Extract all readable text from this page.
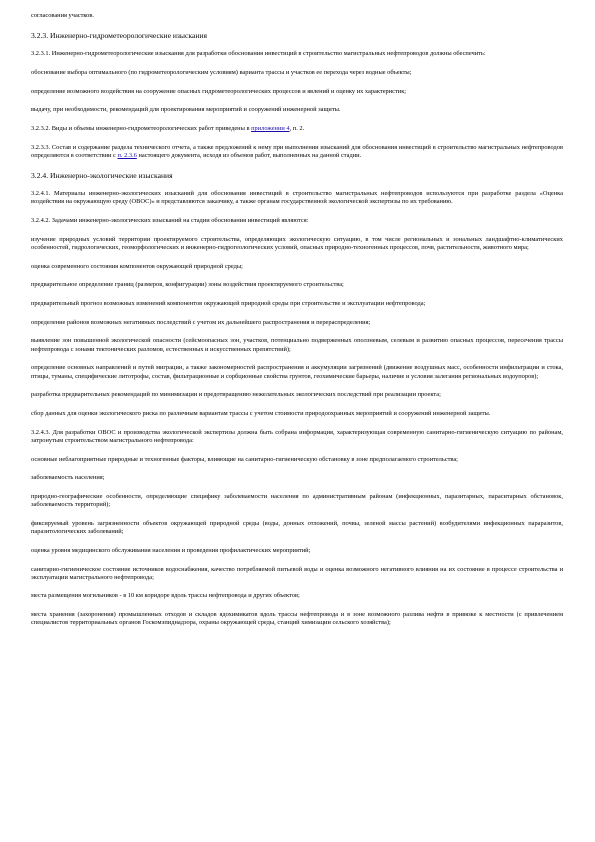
согласования участков.

3.2.3. Инженерно-гидрометеорологические изыскания

3.2.3.1. Инженерно-гидрометеорологические изыскания для разработки обоснования инвестиций в строительство магистральных нефтепроводов должны обеспечить:

обоснование выбора оптимального (по гидрометеорологическим условиям) варианта трассы и участков ее перехода через водные объекты;

определение возможного воздействия на сооружение опасных гидрометеорологических процессов и явлений и оценку их характеристик;

выдачу, при необходимости, рекомендаций для проектирования мероприятий и сооружений инженерной защиты.

3.2.3.2. Виды и объемы инженерно-гидрометеорологических работ приведены в приложении 4, п. 2.

3.2.3.3. Состав и содержание раздела технического отчета, а также предложений к нему при выполнении изысканий для обоснования инвестиций в строительство магистральных нефтепроводов определяются в соответствии с п. 2.3.6 настоящего документа, исходя из объемов работ, выполненных на данной стадии.

3.2.4. Инженерно-экологические изыскания

3.2.4.1. Материалы инженерно-экологических изысканий для обоснования инвестиций в строительство магистральных нефтепроводов используются при разработке раздела «Оценка воздействия на окружающую среду (ОВОС)» и представляются заказчику, а также органам государственной экологической экспертизы по их требованию.

3.2.4.2. Задачами инженерно-экологических изысканий на стадии обоснования инвестиций являются:

изучение природных условий территории проектируемого строительства, определяющих экологическую ситуацию, в том числе региональных и зональных ландшафтно-климатических особенностей, гидрологических, геоморфологических и инженерно-гидрогеологических условий, опасных природно-техногенных процессов, почв, растительности, животного мира;

оценка современного состояния компонентов окружающей природной среды;

предварительное определение границ (размеров, конфигурации) зоны воздействия проектируемого строительства;

предварительный прогноз возможных изменений компонентов окружающей природной среды при строительстве и эксплуатации нефтепровода;

определение районов возможных негативных последствий с учетом их дальнейшего распространения и перераспределения;

выявление зон повышенной экологической опасности (сейсмоопасных зон, участков, потенциально подверженных оползневым, селевым и развитию опасных процессов, пересечения трассы нефтепровода с зонами тектонических разломов, естественных и искусственных препятствий);

определение основных направлений и путей миграции, а также закономерностей распространения и аккумуляции загрязнений (движение воздушных масс, особенности инфильтрации и стока, птицы, туманы, специфические литотрофы, состав, фильтрационные и сорбционные свойства грунтов, геохимические барьеры, наличие и условия залегания региональных водоупоров);

разработка предварительных рекомендаций по минимизации и предотвращению нежелательных экологических последствий при реализации проекта;

сбор данных для оценки экологического риска по различным вариантам трассы с учетом стоимости природоохранных мероприятий и сооружений инженерной защиты.

3.2.4.3. Для разработки ОВОС и производства экологической экспертизы должна быть собрана информация, характеризующая современную санитарно-гигиеническую ситуацию по районам, затронутым строительством магистрального нефтепровода:

основные неблагоприятные природные и техногенные факторы, влияющие на санитарно-гигиеническую обстановку в зоне предполагаемого строительства;

заболеваемость населения;

природно-географические особенности, определяющие специфику заболеваемости населения по административным районам (инфекционных, паразитарных, параситарных обстановок, заболеваемость территорий);

фиксируемый уровень загрязненности объектов окружающей природной среды (воды, донных отложений, почвы, зеленой массы растений) возбудителями инфекционных параразитов, паразитологических заболеваний;

оценка уровня медицинского обслуживания населения и проведения профилактических мероприятий;

санитарно-гигиеническое состояние источников водоснабжения, качество потребляемой питьевой воды и оценка возможного негативного влияния на их состояние в процессе строительства и эксплуатации магистрального нефтепровода;

места размещения могильников - в 10 км коридоре вдоль трассы нефтепровода и других объектов;

места хранения (захоронения) промышленных отходов и складов ядохимикатов вдоль трассы нефтепровода и в зоне возможного разлива нефти в привязке к местности (с привлечением специалистов территориальных органов Госкомэпиднадзора, охраны окружающей среды, станций химизации сельского хозяйства);
